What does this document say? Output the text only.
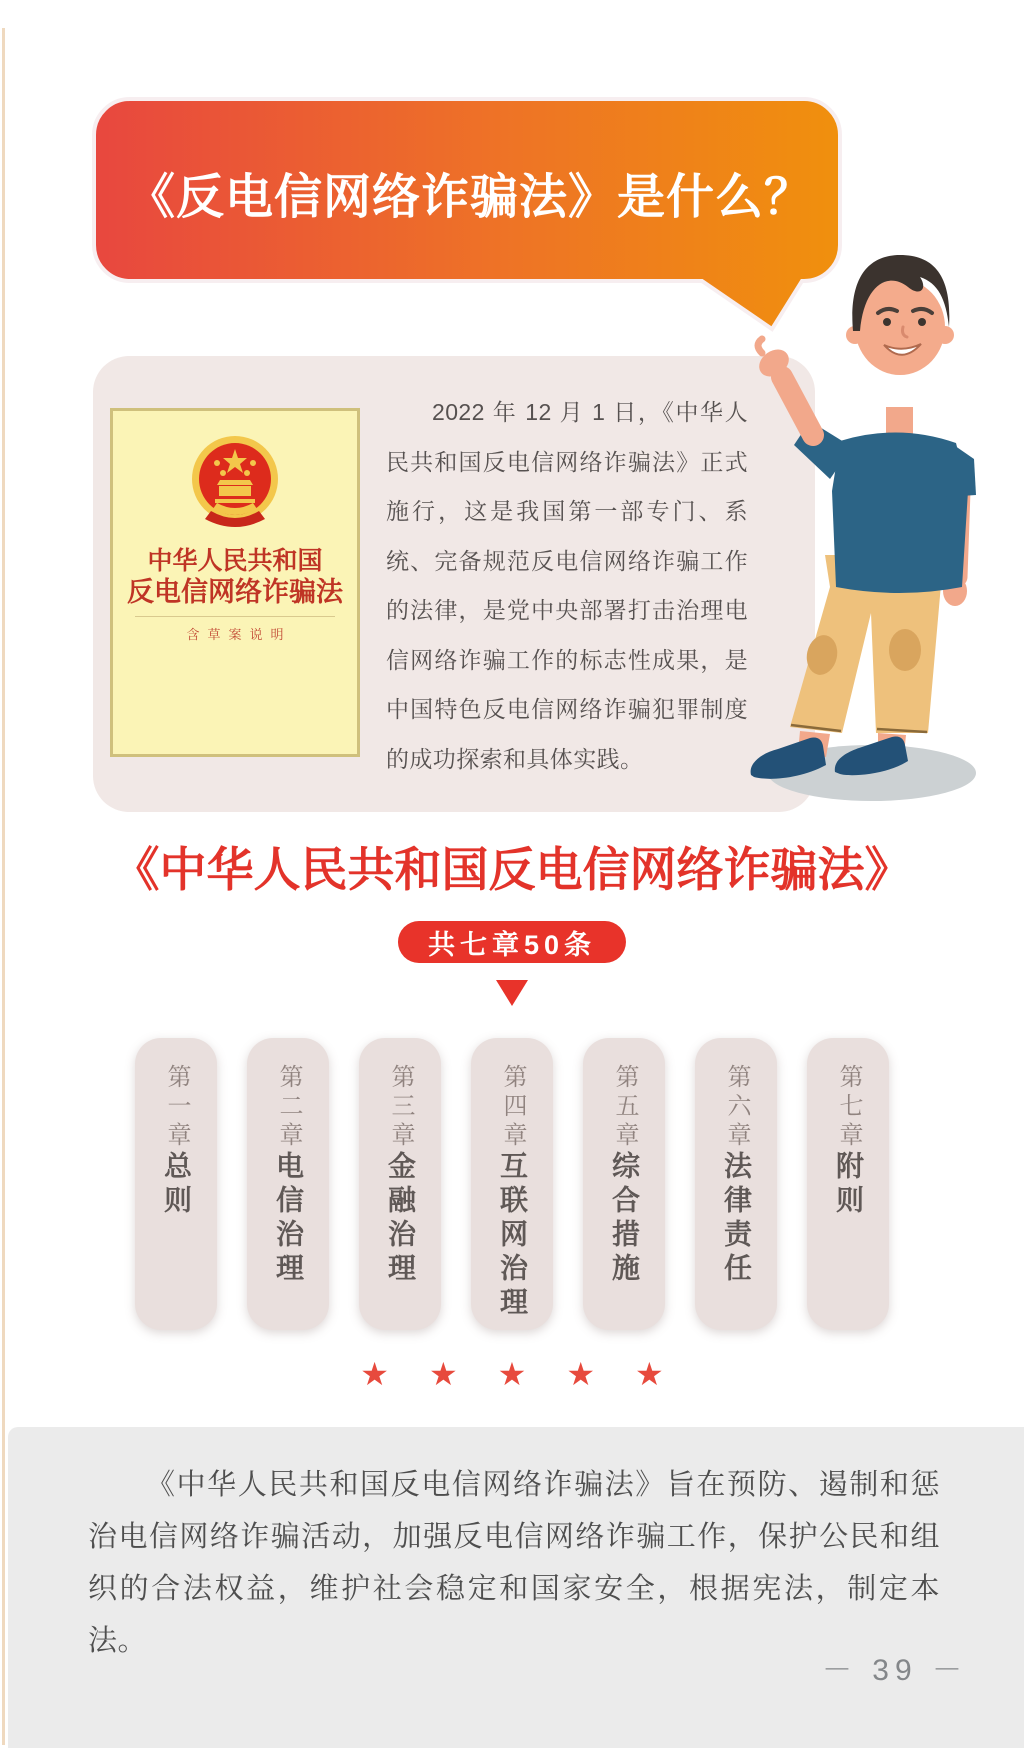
《反电信网络诈骗法》是什么？
中华人民共和国
反电信网络诈骗法
含草案说明

2022 年 12 月 1 日，《中华人民共和国反电信网络诈骗法》正式施行，这是我国第一部专门、系统、完备规范反电信网络诈骗工作的法律，是党中央部署打击治理电信网络诈骗工作的标志性成果，是中国特色反电信网络诈骗犯罪制度的成功探索和具体实践。

《中华人民共和国反电信网络诈骗法》
共七章50条
第一章总则
第二章电信治理
第三章金融治理
第四章互联网治理
第五章综合措施
第六章法律责任
第七章附则
★ ★ ★ ★ ★

《中华人民共和国反电信网络诈骗法》旨在预防、遏制和惩治电信网络诈骗活动，加强反电信网络诈骗工作，保护公民和组织的合法权益，维护社会稳定和国家安全，根据宪法，制定本法。

－ 39 －
